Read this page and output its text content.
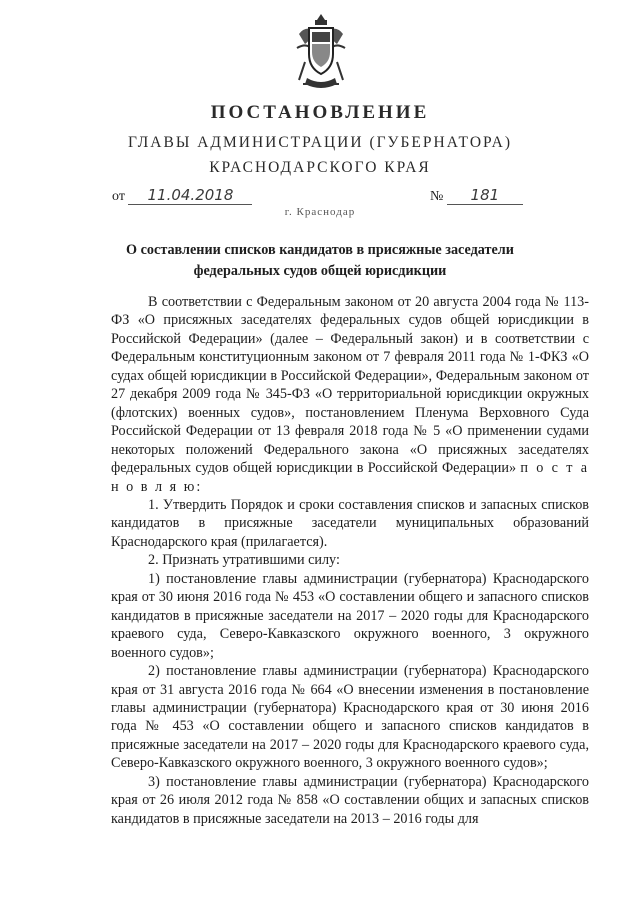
ПОСТАНОВЛЕНИЕ
ГЛАВЫ АДМИНИСТРАЦИИ (ГУБЕРНАТОРА)
КРАСНОДАРСКОГО КРАЯ
от 11.04.2018	№ 181
г. Краснодар
О составлении списков кандидатов в присяжные заседатели
федеральных судов общей юрисдикции

В соответствии с Федеральным законом от 20 августа 2004 года № 113-ФЗ «О присяжных заседателях федеральных судов общей юрисдикции в Российской Федерации» (далее – Федеральный закон) и в соответствии с Федеральным конституционным законом от 7 февраля 2011 года № 1-ФКЗ «О судах общей юрисдикции в Российской Федерации», Федеральным законом от 27 декабря 2009 года № 345-ФЗ «О территориальной юрисдикции окружных (флотских) военных судов», постановлением Пленума Верховного Суда Российской Федерации от 13 февраля 2018 года № 5 «О применении судами некоторых положений Федерального закона «О присяжных заседателях федеральных судов общей юрисдикции в Российской Федерации» п о с т а н о в л я ю:

1. Утвердить Порядок и сроки составления списков и запасных списков кандидатов в присяжные заседатели муниципальных образований Краснодарского края (прилагается).

2. Признать утратившими силу:

1) постановление главы администрации (губернатора) Краснодарского края от 30 июня 2016 года № 453 «О составлении общего и запасного списков кандидатов в присяжные заседатели на 2017 – 2020 годы для Краснодарского краевого суда, Северо-Кавказского окружного военного, 3 окружного военного судов»;

2) постановление главы администрации (губернатора) Краснодарского края от 31 августа 2016 года № 664 «О внесении изменения в постановление главы администрации (губернатора) Краснодарского края от 30 июня 2016 года № 453 «О составлении общего и запасного списков кандидатов в присяжные заседатели на 2017 – 2020 годы для Краснодарского краевого суда, Северо-Кавказского окружного военного, 3 окружного военного судов»;

3) постановление главы администрации (губернатора) Краснодарского края от 26 июля 2012 года № 858 «О составлении общих и запасных списков кандидатов в присяжные заседатели на 2013 – 2016 годы для
